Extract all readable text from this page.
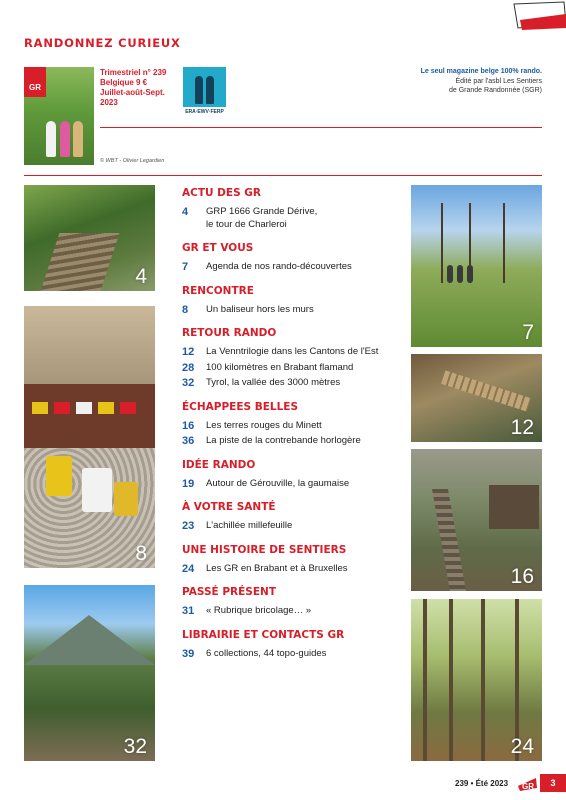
RANDONNEZ CURIEUX
GR
Trimestriel n° 239
Belgique 9 €
Juillet-août-Sept.
2023
ERA·EWV·FERP
Le seul magazine belge 100% rando.
Édité par l'asbl Les Sentiers
de Grande Randonnée (SGR)
© WBT - Olivier Legardien
4
8
32
7
12
16
24
ACTU DES GR
4	GRP 1666 Grande Dérive,
le tour de Charleroi
GR ET VOUS
7	Agenda de nos rando-découvertes
RENCONTRE
8	Un baliseur hors les murs
RETOUR RANDO
12	La Venntrilogie dans les Cantons de l'Est
28	100 kilomètres en Brabant flamand
32	Tyrol, la vallée des 3000 mètres
ÉCHAPPEES BELLES
16	Les terres rouges du Minett
36	La piste de la contrebande horlogère
IDÉE RANDO
19	Autour de Gérouville, la gaumaise
À VOTRE SANTÉ
23	L'achillée millefeuille
UNE HISTOIRE DE SENTIERS
24	Les GR en Brabant et à Bruxelles
PASSÉ PRÉSENT
31	« Rubrique bricolage… »
LIBRAIRIE ET CONTACTS GR
39	6 collections, 44 topo-guides
239 • Été 2023 GR	3
